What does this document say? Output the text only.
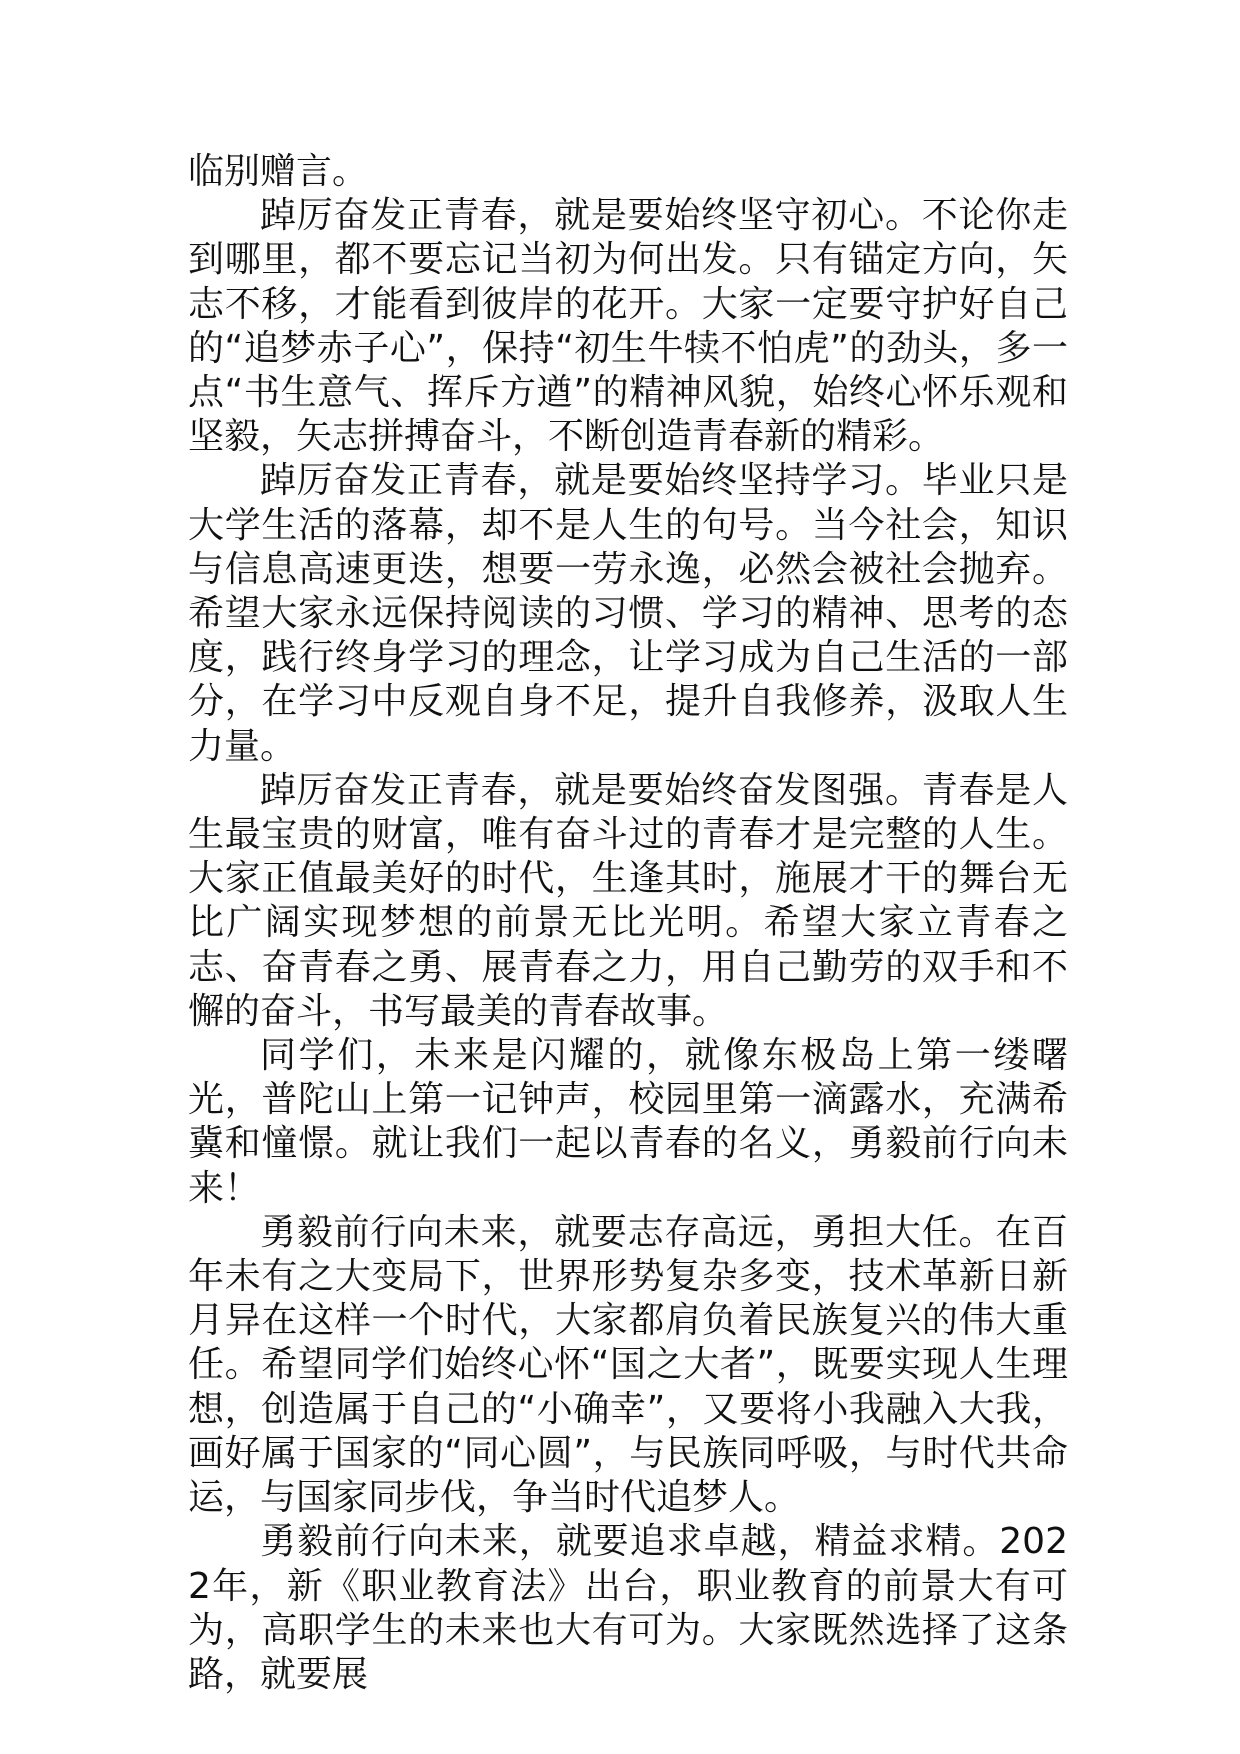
临别赠言。

踔厉奋发正青春，就是要始终坚守初心。不论你走到哪里，都不要忘记当初为何出发。只有锚定方向，矢志不移，才能看到彼岸的花开。大家一定要守护好自己的“追梦赤子心”，保持“初生牛犊不怕虎”的劲头，多一点“书生意气、挥斥方遒”的精神风貌，始终心怀乐观和坚毅，矢志拼搏奋斗，不断创造青春新的精彩。

踔厉奋发正青春，就是要始终坚持学习。毕业只是大学生活的落幕，却不是人生的句号。当今社会，知识与信息高速更迭，想要一劳永逸，必然会被社会抛弃。希望大家永远保持阅读的习惯、学习的精神、思考的态度，践行终身学习的理念，让学习成为自己生活的一部分，在学习中反观自身不足，提升自我修养，汲取人生力量。

踔厉奋发正青春，就是要始终奋发图强。青春是人生最宝贵的财富，唯有奋斗过的青春才是完整的人生。大家正值最美好的时代，生逢其时，施展才干的舞台无比广阔实现梦想的前景无比光明。希望大家立青春之志、奋青春之勇、展青春之力，用自己勤劳的双手和不懈的奋斗，书写最美的青春故事。

同学们，未来是闪耀的，就像东极岛上第一缕曙光，普陀山上第一记钟声，校园里第一滴露水，充满希冀和憧憬。就让我们一起以青春的名义，勇毅前行向未来！

勇毅前行向未来，就要志存高远，勇担大任。在百年未有之大变局下，世界形势复杂多变，技术革新日新月异在这样一个时代，大家都肩负着民族复兴的伟大重任。希望同学们始终心怀“国之大者”，既要实现人生理想，创造属于自己的“小确幸”，又要将小我融入大我，画好属于国家的“同心圆”，与民族同呼吸，与时代共命运，与国家同步伐，争当时代追梦人。

勇毅前行向未来，就要追求卓越，精益求精。2022年，新《职业教育法》出台，职业教育的前景大有可为，高职学生的未来也大有可为。大家既然选择了这条路，就要展
